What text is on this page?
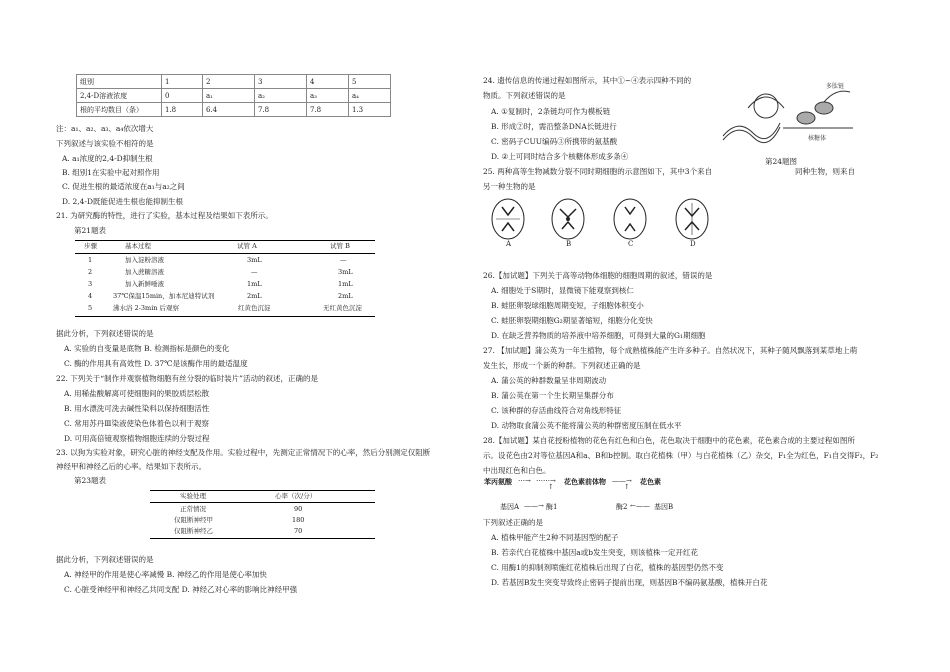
组别	1	2	3	4	5
2,4-D溶液浓度	0	a₁	a₂	a₃	a₄
根的平均数目（条）	1.8	6.4	7.8	7.8	1.3
注：a₁、a₂、a₃、a₄依次增大
下列叙述与该实验不相符的是
A. a₁浓度的2,4-D抑制生根
B. 组别1在实验中起对照作用
C. 促进生根的最适浓度在a₁与a₂之间
D. 2,4-D既能促进生根也能抑制生根
21. 为研究酶的特性，进行了实验，基本过程及结果如下表所示。
第21题表
步骤	基本过程	试管 A	试管 B
1	加入淀粉溶液	3mL	—
2	加入蔗糖溶液	—	3mL
3	加入新鲜唾液	1mL	1mL
4	37℃保温15min，加本尼迪特试剂	2mL	2mL
5	沸水浴 2-3min 后观察	红黄色沉淀	无红黄色沉淀
据此分析，下列叙述错误的是
A. 实验的自变量是底物 B. 检测指标是颜色的变化
C. 酶的作用具有高效性 D. 37℃是该酶作用的最适温度
22. 下列关于“制作并观察植物细胞有丝分裂的临时装片”活动的叙述，正确的是
A. 用稀盐酸解离可使细胞间的果胶质层松散
B. 用水漂洗可洗去碱性染料以保持细胞活性
C. 常用苏丹Ⅲ染液使染色体着色以利于观察
D. 可用高倍镜观察植物细胞连续的分裂过程
23. 以狗为实验对象，研究心脏的神经支配及作用。实验过程中，先测定正常情况下的心率，然后分别测定仅阻断
神经甲和神经乙后的心率。结果如下表所示。
第23题表
实验处理	心率（次/分）
正常情况	90
仅阻断神经甲	180
仅阻断神经乙	70
据此分析，下列叙述错误的是
A. 神经甲的作用是使心率减慢 B. 神经乙的作用是使心率加快
C. 心脏受神经甲和神经乙共同支配 D. 神经乙对心率的影响比神经甲强
24. 遗传信息的传递过程如图所示，其中①~④表示四种不同的
物质。下列叙述错误的是
A. ①复制时，2条链均可作为模板链
B. 形成②时，需沿整条DNA长链进行
C. 密码子CUU编码③所携带的氨基酸
D. ②上可同时结合多个核糖体形成多条④
多肽链
核糖体
第24题图
25. 两种高等生物减数分裂不同时期细胞的示意图如下，其中3个来自	同种生物，则来自
另一种生物的是
A	B	C	D
26.【加试题】下列关于高等动物体细胞的细胞周期的叙述，错误的是
A. 细胞处于S期时，显微镜下能观察到核仁
B. 蛙胚卵裂球细胞周期变短，子细胞体积变小
C. 蛙胚卵裂期细胞G₂期显著缩短，细胞分化变快
D. 在缺乏营养物质的培养液中培养细胞，可得到大量的G₁期细胞
27. 【加试题】蒲公英为一年生植物，每个成熟植株能产生许多种子。自然状况下，其种子随风飘落到某草地上萌
发生长，形成一个新的种群。下列叙述正确的是
A. 蒲公英的种群数量呈非周期波动
B. 蒲公英在第一个生长期呈集群分布
C. 该种群的存活曲线符合对角线形特征
D. 动物取食蒲公英不能将蒲公英的种群密度压制在低水平
28.【加试题】某自花授粉植物的花色有红色和白色，花色取决于细胞中的花色素，花色素合成的主要过程如图所
示。设花色由2对等位基因A和a、B和b控制。取白花植株（甲）与白花植株（乙）杂交，F₁全为红色，F₁自交得F₂，F₂
中出现红色和白色。
苯丙氨酸 ⋯→ ⋯⋯→ 花色素前体物 ——→ 花色素
↑	↑
基因A ——→ 酶1	酶2 ←—— 基因B
下列叙述正确的是
A. 植株甲能产生2种不同基因型的配子
B. 若亲代白花植株中基因a或b发生突变，则该植株一定开红花
C. 用酶1的抑制剂喷施红花植株后出现了白花，植株的基因型仍然不变
D. 若基因B发生突变导致终止密码子提前出现，则基因B不编码氨基酸，植株开白花
